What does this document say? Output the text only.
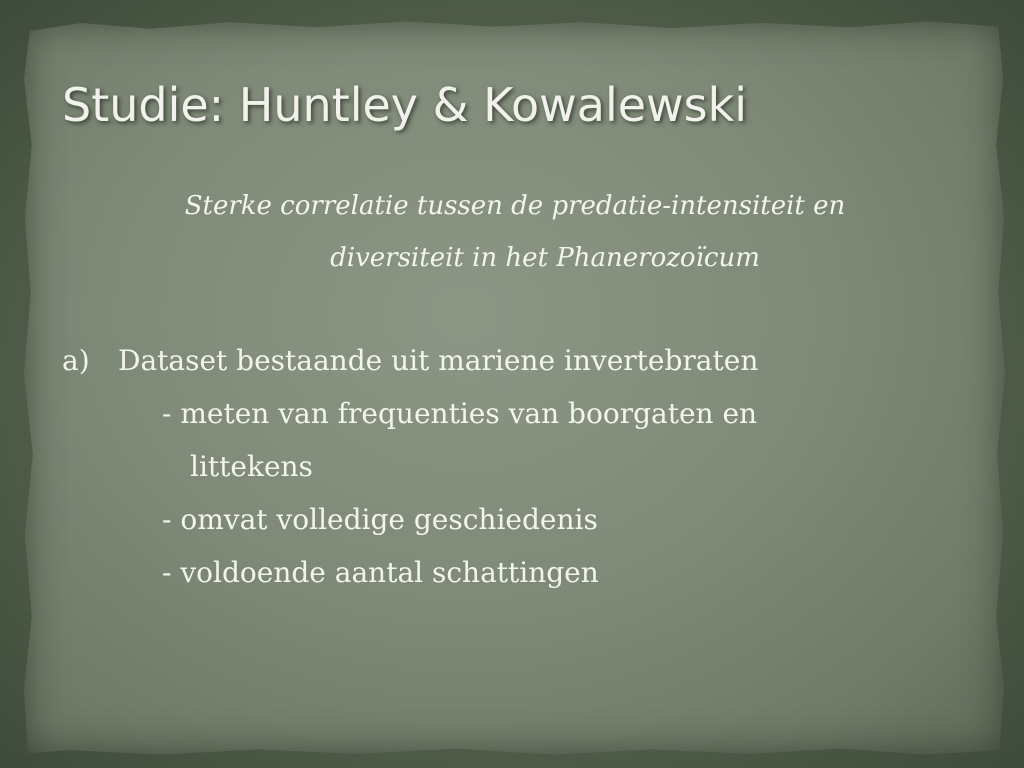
Studie: Huntley & Kowalewski
Sterke correlatie tussen de predatie-intensiteit en
diversiteit in het Phanerozoïcum
a) Dataset bestaande uit mariene invertebraten
- meten van frequenties van boorgaten en
littekens
- omvat volledige geschiedenis
- voldoende aantal schattingen
